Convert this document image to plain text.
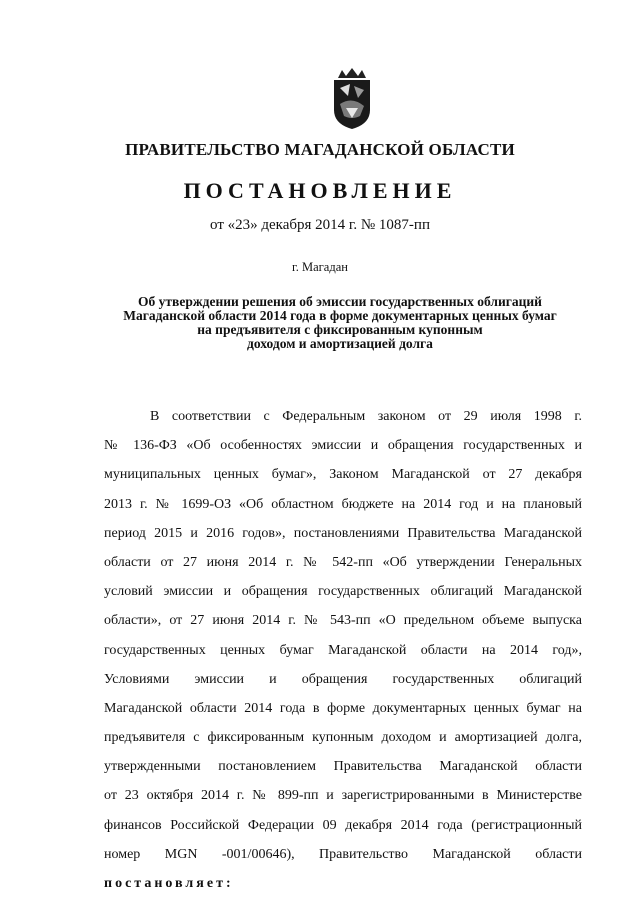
ПРАВИТЕЛЬСТВО МАГАДАНСКОЙ ОБЛАСТИ
ПОСТАНОВЛЕНИЕ
от «23» декабря 2014 г. № 1087-пп
г. Магадан
Об утверждении решения об эмиссии государственных облигаций
Магаданской области 2014 года в форме документарных ценных бумаг
на предъявителя с фиксированным купонным
доходом и амортизацией долга
В соответствии с Федеральным законом от 29 июля 1998 г.
№ 136-ФЗ «Об особенностях эмиссии и обращения государственных и
муниципальных ценных бумаг», Законом Магаданской от 27 декабря
2013 г. № 1699-ОЗ «Об областном бюджете на 2014 год и на плановый
период 2015 и 2016 годов», постановлениями Правительства Магаданской
области от 27 июня 2014 г. № 542-пп «Об утверждении Генеральных
условий эмиссии и обращения государственных облигаций Магаданской
области», от 27 июня 2014 г. № 543-пп «О предельном объеме выпуска
государственных ценных бумаг Магаданской области на 2014 год»,
Условиями эмиссии и обращения государственных облигаций
Магаданской области 2014 года в форме документарных ценных бумаг на
предъявителя с фиксированным купонным доходом и амортизацией долга,
утвержденными постановлением Правительства Магаданской области
от 23 октября 2014 г. № 899-пп и зарегистрированными в Министерстве
финансов Российской Федерации 09 декабря 2014 года (регистрационный
номер MGN -001/00646), Правительство Магаданской области
постановляет:
